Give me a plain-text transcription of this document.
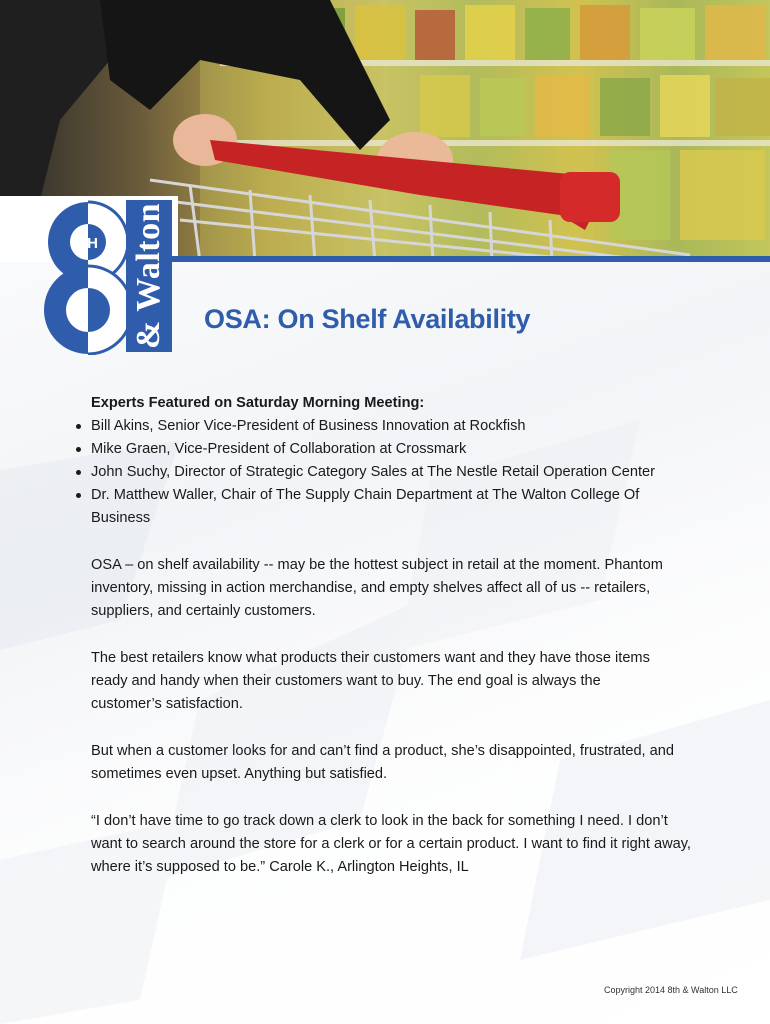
TH & Walton OSA: On Shelf Availability

Experts Featured on Saturday Morning Meeting:

Bill Akins, Senior Vice-President of Business Innovation at Rockfish
Mike Graen, Vice-President of Collaboration at Crossmark
John Suchy, Director of Strategic Category Sales at The Nestle Retail Operation Center
Dr. Matthew Waller, Chair of The Supply Chain Department at The Walton College Of Business

OSA – on shelf availability -- may be the hottest subject in retail at the moment. Phantom inventory, missing in action merchandise, and empty shelves affect all of us -- retailers, suppliers, and certainly customers.

The best retailers know what products their customers want and they have those items ready and handy when their customers want to buy. The end goal is always the customer’s satisfaction.

But when a customer looks for and can’t find a product, she’s disappointed, frustrated, and sometimes even upset. Anything but satisfied.

“I don’t have time to go track down a clerk to look in the back for something I need. I don’t want to search around the store for a clerk or for a certain product. I want to find it right away, where it’s supposed to be.” Carole K., Arlington Heights, IL

Copyright 2014 8th & Walton LLC
